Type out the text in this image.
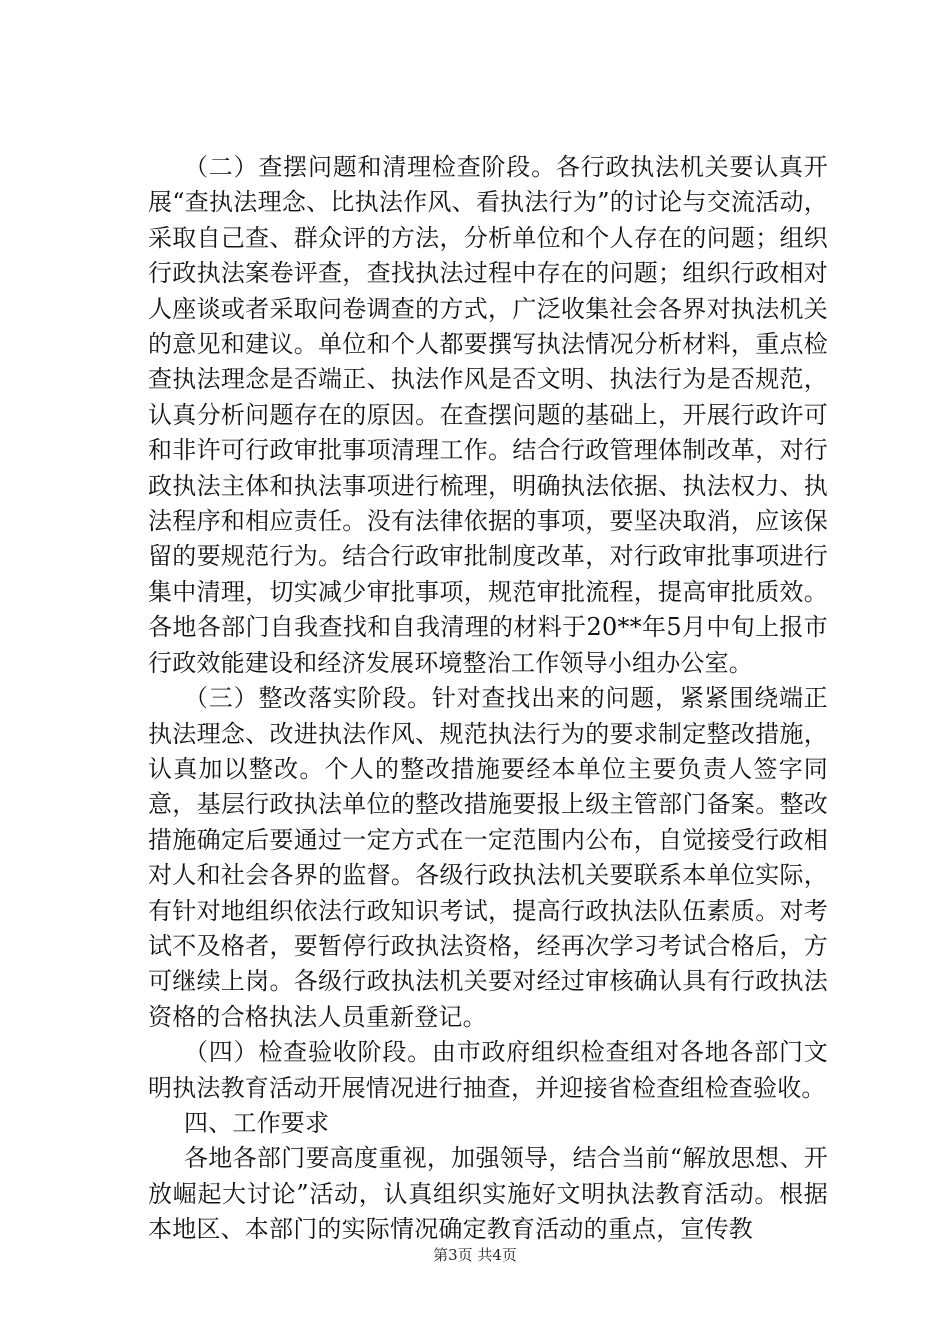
（二）查摆问题和清理检查阶段。各行政执法机关要认真开展“查执法理念、比执法作风、看执法行为”的讨论与交流活动，采取自己查、群众评的方法，分析单位和个人存在的问题；组织行政执法案卷评查，查找执法过程中存在的问题；组织行政相对人座谈或者采取问卷调查的方式，广泛收集社会各界对执法机关的意见和建议。单位和个人都要撰写执法情况分析材料，重点检查执法理念是否端正、执法作风是否文明、执法行为是否规范，认真分析问题存在的原因。在查摆问题的基础上，开展行政许可和非许可行政审批事项清理工作。结合行政管理体制改革，对行政执法主体和执法事项进行梳理，明确执法依据、执法权力、执法程序和相应责任。没有法律依据的事项，要坚决取消，应该保留的要规范行为。结合行政审批制度改革，对行政审批事项进行集中清理，切实减少审批事项，规范审批流程，提高审批质效。各地各部门自我查找和自我清理的材料于20**年5月中旬上报市行政效能建设和经济发展环境整治工作领导小组办公室。

（三）整改落实阶段。针对查找出来的问题，紧紧围绕端正执法理念、改进执法作风、规范执法行为的要求制定整改措施，认真加以整改。个人的整改措施要经本单位主要负责人签字同意，基层行政执法单位的整改措施要报上级主管部门备案。整改措施确定后要通过一定方式在一定范围内公布，自觉接受行政相对人和社会各界的监督。各级行政执法机关要联系本单位实际，有针对地组织依法行政知识考试，提高行政执法队伍素质。对考试不及格者，要暂停行政执法资格，经再次学习考试合格后，方可继续上岗。各级行政执法机关要对经过审核确认具有行政执法资格的合格执法人员重新登记。

（四）检查验收阶段。由市政府组织检查组对各地各部门文明执法教育活动开展情况进行抽查，并迎接省检查组检查验收。

四、工作要求

各地各部门要高度重视，加强领导，结合当前“解放思想、开放崛起大讨论”活动，认真组织实施好文明执法教育活动。根据本地区、本部门的实际情况确定教育活动的重点，宣传教

第3页 共4页
